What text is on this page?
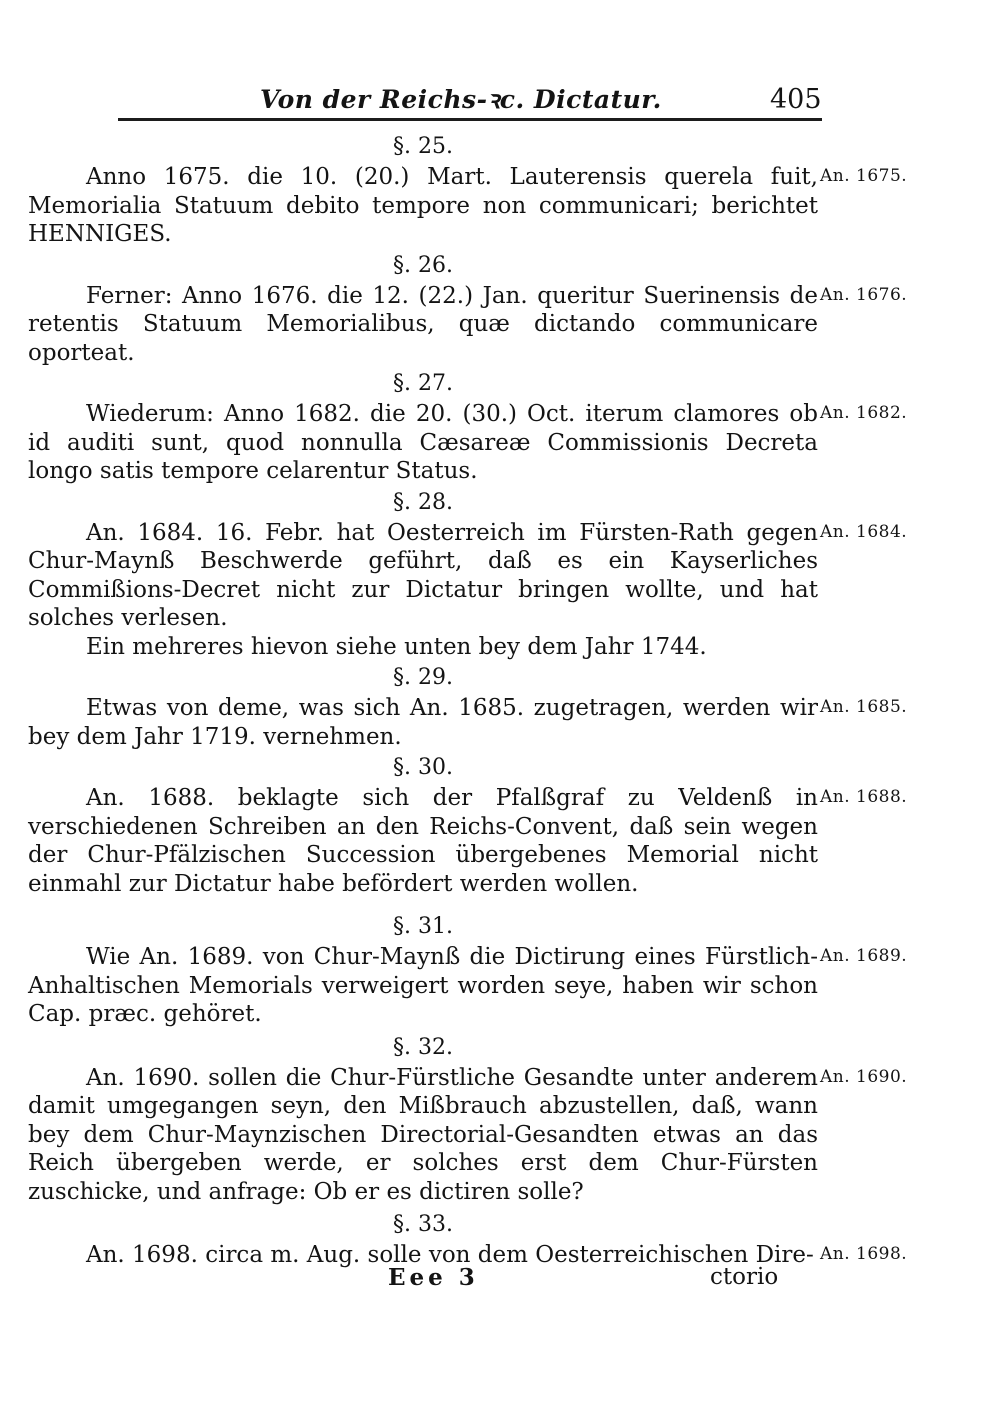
Von der Reichs-ꝛc. Dictatur.	405
§. 25.

Anno 1675. die 10. (20.) Mart. Lauterensis querela fuit, Memorialia Statuum debito tempore non communicari; berichtet HENNIGES.

An. 1675.
§. 26.

Ferner: Anno 1676. die 12. (22.) Jan. queritur Suerinensis de retentis Statuum Memorialibus, quæ dictando communicare oporteat.

An. 1676.
§. 27.

Wiederum: Anno 1682. die 20. (30.) Oct. iterum clamores ob id auditi sunt, quod nonnulla Cæsareæ Commissionis Decreta longo satis tempore celarentur Status.

An. 1682.
§. 28.

An. 1684. 16. Febr. hat Oesterreich im Fürsten-Rath gegen Chur-Maynß Beschwerde geführt, daß es ein Kayserliches Commißions-Decret nicht zur Dictatur bringen wollte, und hat solches verlesen.

Ein mehreres hievon siehe unten bey dem Jahr 1744.

An. 1684.
§. 29.

Etwas von deme, was sich An. 1685. zugetragen, werden wir bey dem Jahr 1719. vernehmen.

An. 1685.
§. 30.

An. 1688. beklagte sich der Pfalßgraf zu Veldenß in verschiedenen Schreiben an den Reichs-Convent, daß sein wegen der Chur-Pfälzischen Succession übergebenes Memorial nicht einmahl zur Dictatur habe befördert werden wollen.

An. 1688.
§. 31.

Wie An. 1689. von Chur-Maynß die Dictirung eines Fürstlich-Anhaltischen Memorials verweigert worden seye, haben wir schon Cap. præc. gehöret.

An. 1689.
§. 32.

An. 1690. sollen die Chur-Fürstliche Gesandte unter anderem damit umgegangen seyn, den Mißbrauch abzustellen, daß, wann bey dem Chur-Maynzischen Directorial-Gesandten etwas an das Reich übergeben werde, er solches erst dem Chur-Fürsten zuschicke, und anfrage: Ob er es dictiren solle?

An. 1690.
§. 33.

An. 1698. circa m. Aug. solle von dem Oesterreichischen Dire- An. 1698.
Eee 3	ctorio
